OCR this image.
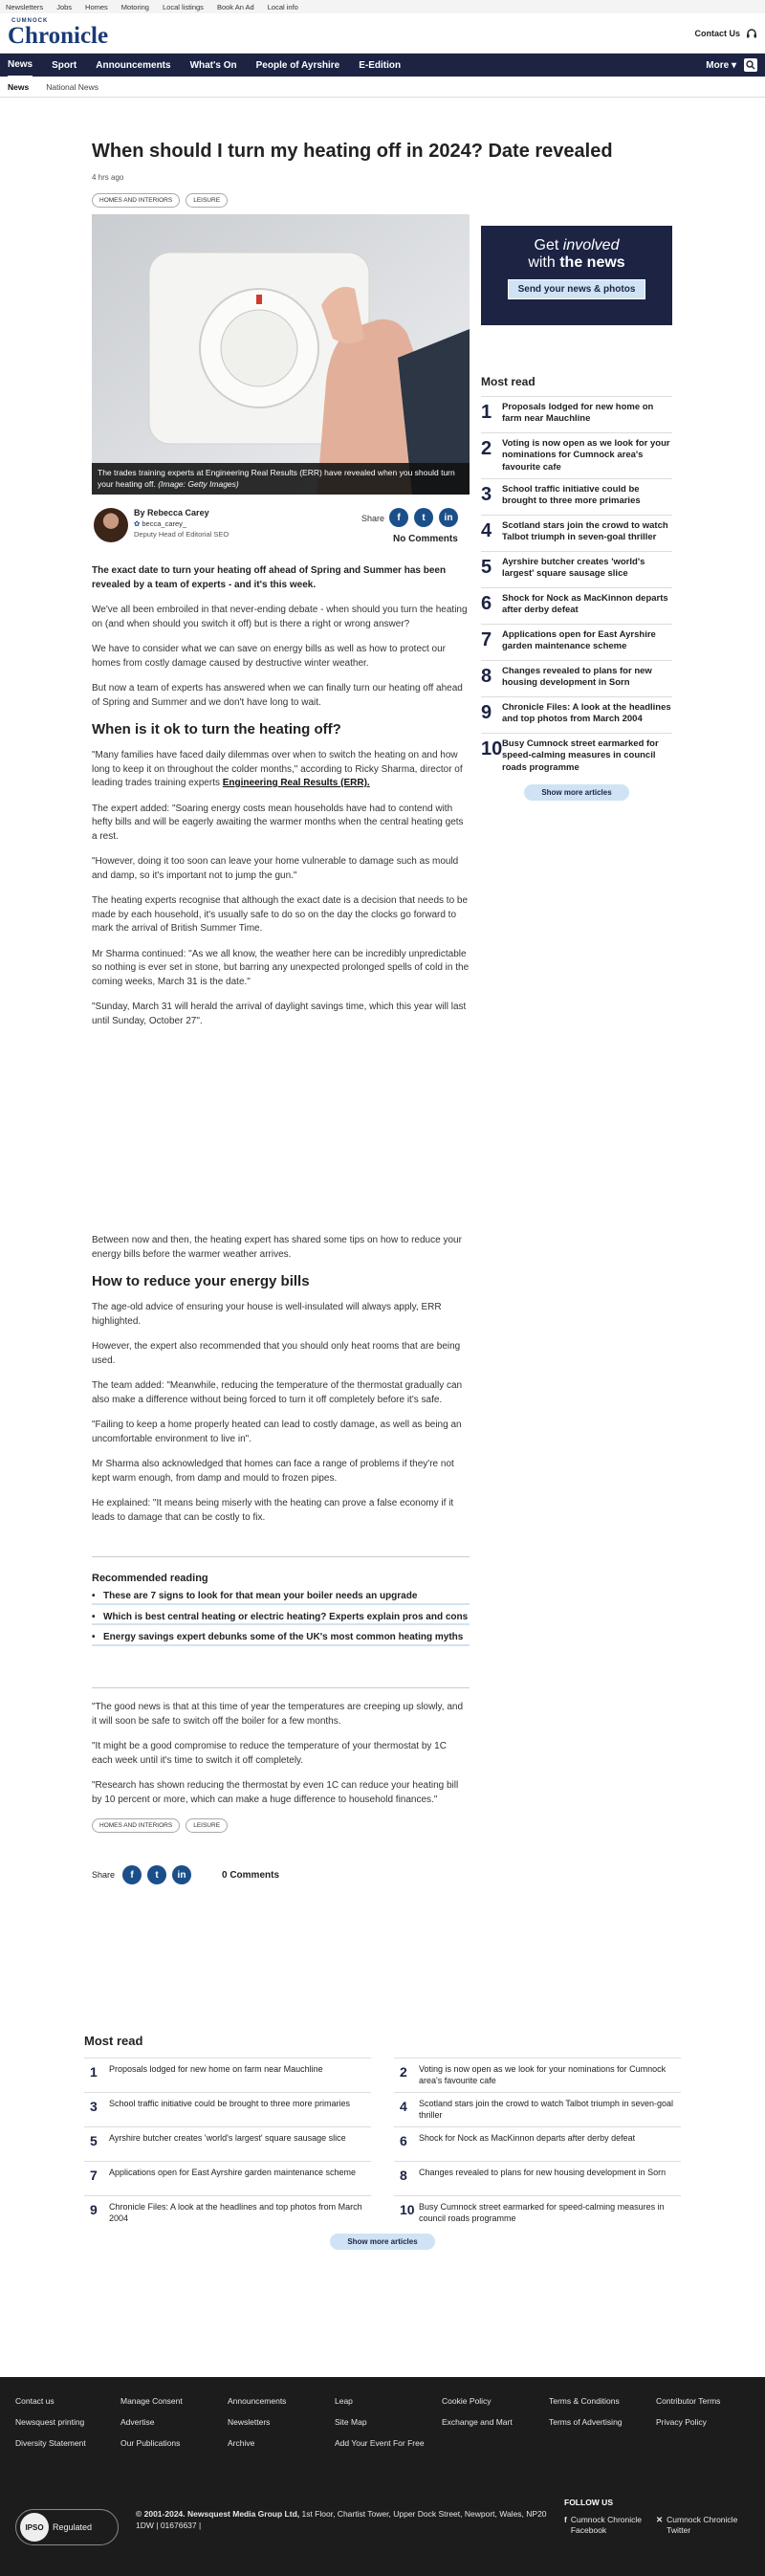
Newsletters Jobs Homes Motoring Local listings Book An Ad Local info
CUMNOCK
Chronicle	Contact Us
News Sport Announcements What's On People of Ayrshire E-Edition	More ▾
News National News
When should I turn my heating off in 2024? Date revealed
4 hrs ago
HOMES AND INTERIORS	LEISURE
The trades training experts at Engineering Real Results (ERR) have revealed when you should turn your heating off. (Image: Getty Images)
By Rebecca Carey
✿ becca_carey_
Deputy Head of Editorial SEO
Share	f	t	in
No Comments

The exact date to turn your heating off ahead of Spring and Summer has been revealed by a team of experts - and it's this week.

We've all been embroiled in that never-ending debate - when should you turn the heating on (and when should you switch it off) but is there a right or wrong answer?

We have to consider what we can save on energy bills as well as how to protect our homes from costly damage caused by destructive winter weather.

But now a team of experts has answered when we can finally turn our heating off ahead of Spring and Summer and we don't have long to wait.

When is it ok to turn the heating off?

"Many families have faced daily dilemmas over when to switch the heating on and how long to keep it on throughout the colder months," according to Ricky Sharma, director of leading trades training experts Engineering Real Results (ERR).

The expert added: "Soaring energy costs mean households have had to contend with hefty bills and will be eagerly awaiting the warmer months when the central heating gets a rest.

"However, doing it too soon can leave your home vulnerable to damage such as mould and damp, so it's important not to jump the gun."

The heating experts recognise that although the exact date is a decision that needs to be made by each household, it's usually safe to do so on the day the clocks go forward to mark the arrival of British Summer Time.

Mr Sharma continued: "As we all know, the weather here can be incredibly unpredictable so nothing is ever set in stone, but barring any unexpected prolonged spells of cold in the coming weeks, March 31 is the date."

"Sunday, March 31 will herald the arrival of daylight savings time, which this year will last until Sunday, October 27".

Between now and then, the heating expert has shared some tips on how to reduce your energy bills before the warmer weather arrives.

How to reduce your energy bills

The age-old advice of ensuring your house is well-insulated will always apply, ERR highlighted.

However, the expert also recommended that you should only heat rooms that are being used.

The team added: "Meanwhile, reducing the temperature of the thermostat gradually can also make a difference without being forced to turn it off completely before it's safe.

"Failing to keep a home properly heated can lead to costly damage, as well as being an uncomfortable environment to live in".

Mr Sharma also acknowledged that homes can face a range of problems if they're not kept warm enough, from damp and mould to frozen pipes.

He explained: "It means being miserly with the heating can prove a false economy if it leads to damage that can be costly to fix.

Recommended reading
• These are 7 signs to look for that mean your boiler needs an upgrade
• Which is best central heating or electric heating? Experts explain pros and cons
• Energy savings expert debunks some of the UK's most common heating myths

"The good news is that at this time of year the temperatures are creeping up slowly, and it will soon be safe to switch off the boiler for a few months.

"It might be a good compromise to reduce the temperature of your thermostat by 1C each week until it's time to switch it off completely.

"Research has shown reducing the thermostat by even 1C can reduce your heating bill by 10 percent or more, which can make a huge difference to household finances."

HOMES AND INTERIORS	LEISURE
Share	f	t	in	0 Comments
Get involved
with the news
Send your news & photos
Most read
1	Proposals lodged for new home on farm near Mauchline
2	Voting is now open as we look for your nominations for Cumnock area's favourite cafe
3	School traffic initiative could be brought to three more primaries
4	Scotland stars join the crowd to watch Talbot triumph in seven-goal thriller
5	Ayrshire butcher creates 'world's largest' square sausage slice
6	Shock for Nock as MacKinnon departs after derby defeat
7	Applications open for East Ayrshire garden maintenance scheme
8	Changes revealed to plans for new housing development in Sorn
9	Chronicle Files: A look at the headlines and top photos from March 2004
10 Busy Cumnock street earmarked for speed-calming measures in council roads programme
Show more articles
Most read
1	Proposals lodged for new home on farm near Mauchline	2	Voting is now open as we look for your nominations for Cumnock area's favourite cafe
3	School traffic initiative could be brought to three more primaries	4	Scotland stars join the crowd to watch Talbot triumph in seven-goal thriller
5	Ayrshire butcher creates 'world's largest' square sausage slice	6	Shock for Nock as MacKinnon departs after derby defeat
7	Applications open for East Ayrshire garden maintenance scheme	8	Changes revealed to plans for new housing development in Sorn
9	Chronicle Files: A look at the headlines and top photos from March 2004
10 Busy Cumnock street earmarked for speed-calming measures in council roads programme
Show more articles
Contact us	Manage Consent	Announcements	Leap	Cookie Policy	Terms & Conditions	Contributor Terms
Newsquest printing	Advertise	Newsletters	Site Map	Exchange and Mart	Terms of Advertising	Privacy Policy
Diversity Statement	Our Publications	Archive	Add Your Event For Free
IPSO	Regulated
© 2001-2024. Newsquest Media Group Ltd, 1st Floor, Chartist Tower, Upper Dock Street, Newport, Wales, NP20 1DW | 01676637 |
FOLLOW US
f Cumnock Chronicle Facebook
✕ Cumnock Chronicle Twitter
